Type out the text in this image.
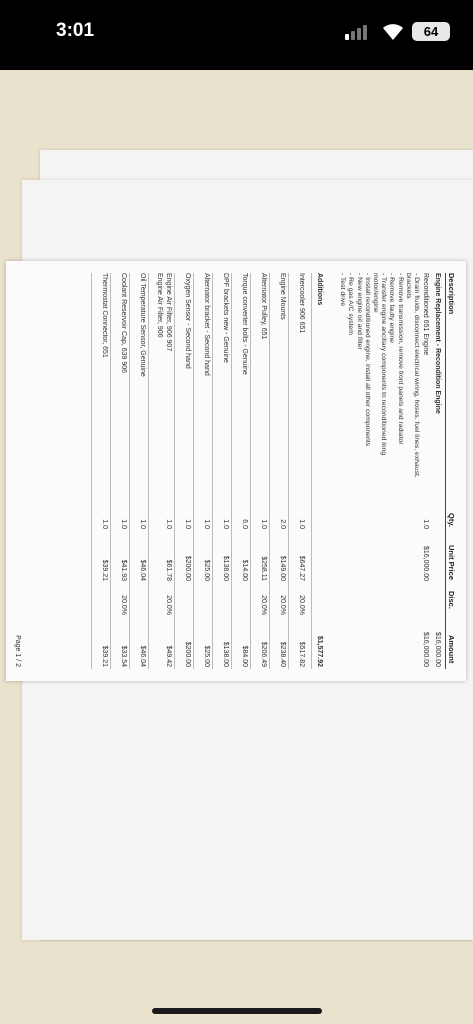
3:01	64
Description
Qty.
Unit Price
Disc.
Amount
Engine Replacement - Recondition Engine
$16,000.00
Reconditioned 651 Engine
1.0
$16,000.00
$16,000.00
- Drain fluids, disconnect electrical wiring, hoses, fuel lines, exhaust,
brackets
- Remove transmission, remove front panels and radiator
- Remove faulty engine
- Transfer engine ancillary components to reconditioned long
motor/engine
- Install reconditioned engine, install all other components
- New engine oil and filter
- Re gas A/C system
- Test drive
Additions
$1,577.92
Intercooler 906 651
1.0
$647.27
20.0%
$517.82
Engine Mounts
2.0
$149.00
20.0%
$238.40
Alternator Pulley, 651
1.0
$258.11
20.0%
$206.49
Torque converter bolts - Genuine
6.0
$14.00
$84.00
DPF brackets new - Genuine
1.0
$138.00
$138.00
Alternator bracket - Second hand
1.0
$25.00
$25.00
Oxygen Sensor - Second hand
1.0
$200.00
$200.00
Engine Air Filter, 906 907
Engine Air Filter, 906
1.0
$61.78
20.0%
$49.42
Oil Temperature Sensor, Genuine
1.0
$46.04
$46.04
Coolant Reservoir Cap, 639 906
1.0
$41.93
20.0%
$33.54
Thermostat Connector, 651
1.0
$39.21
$39.21
Page 1 / 2
